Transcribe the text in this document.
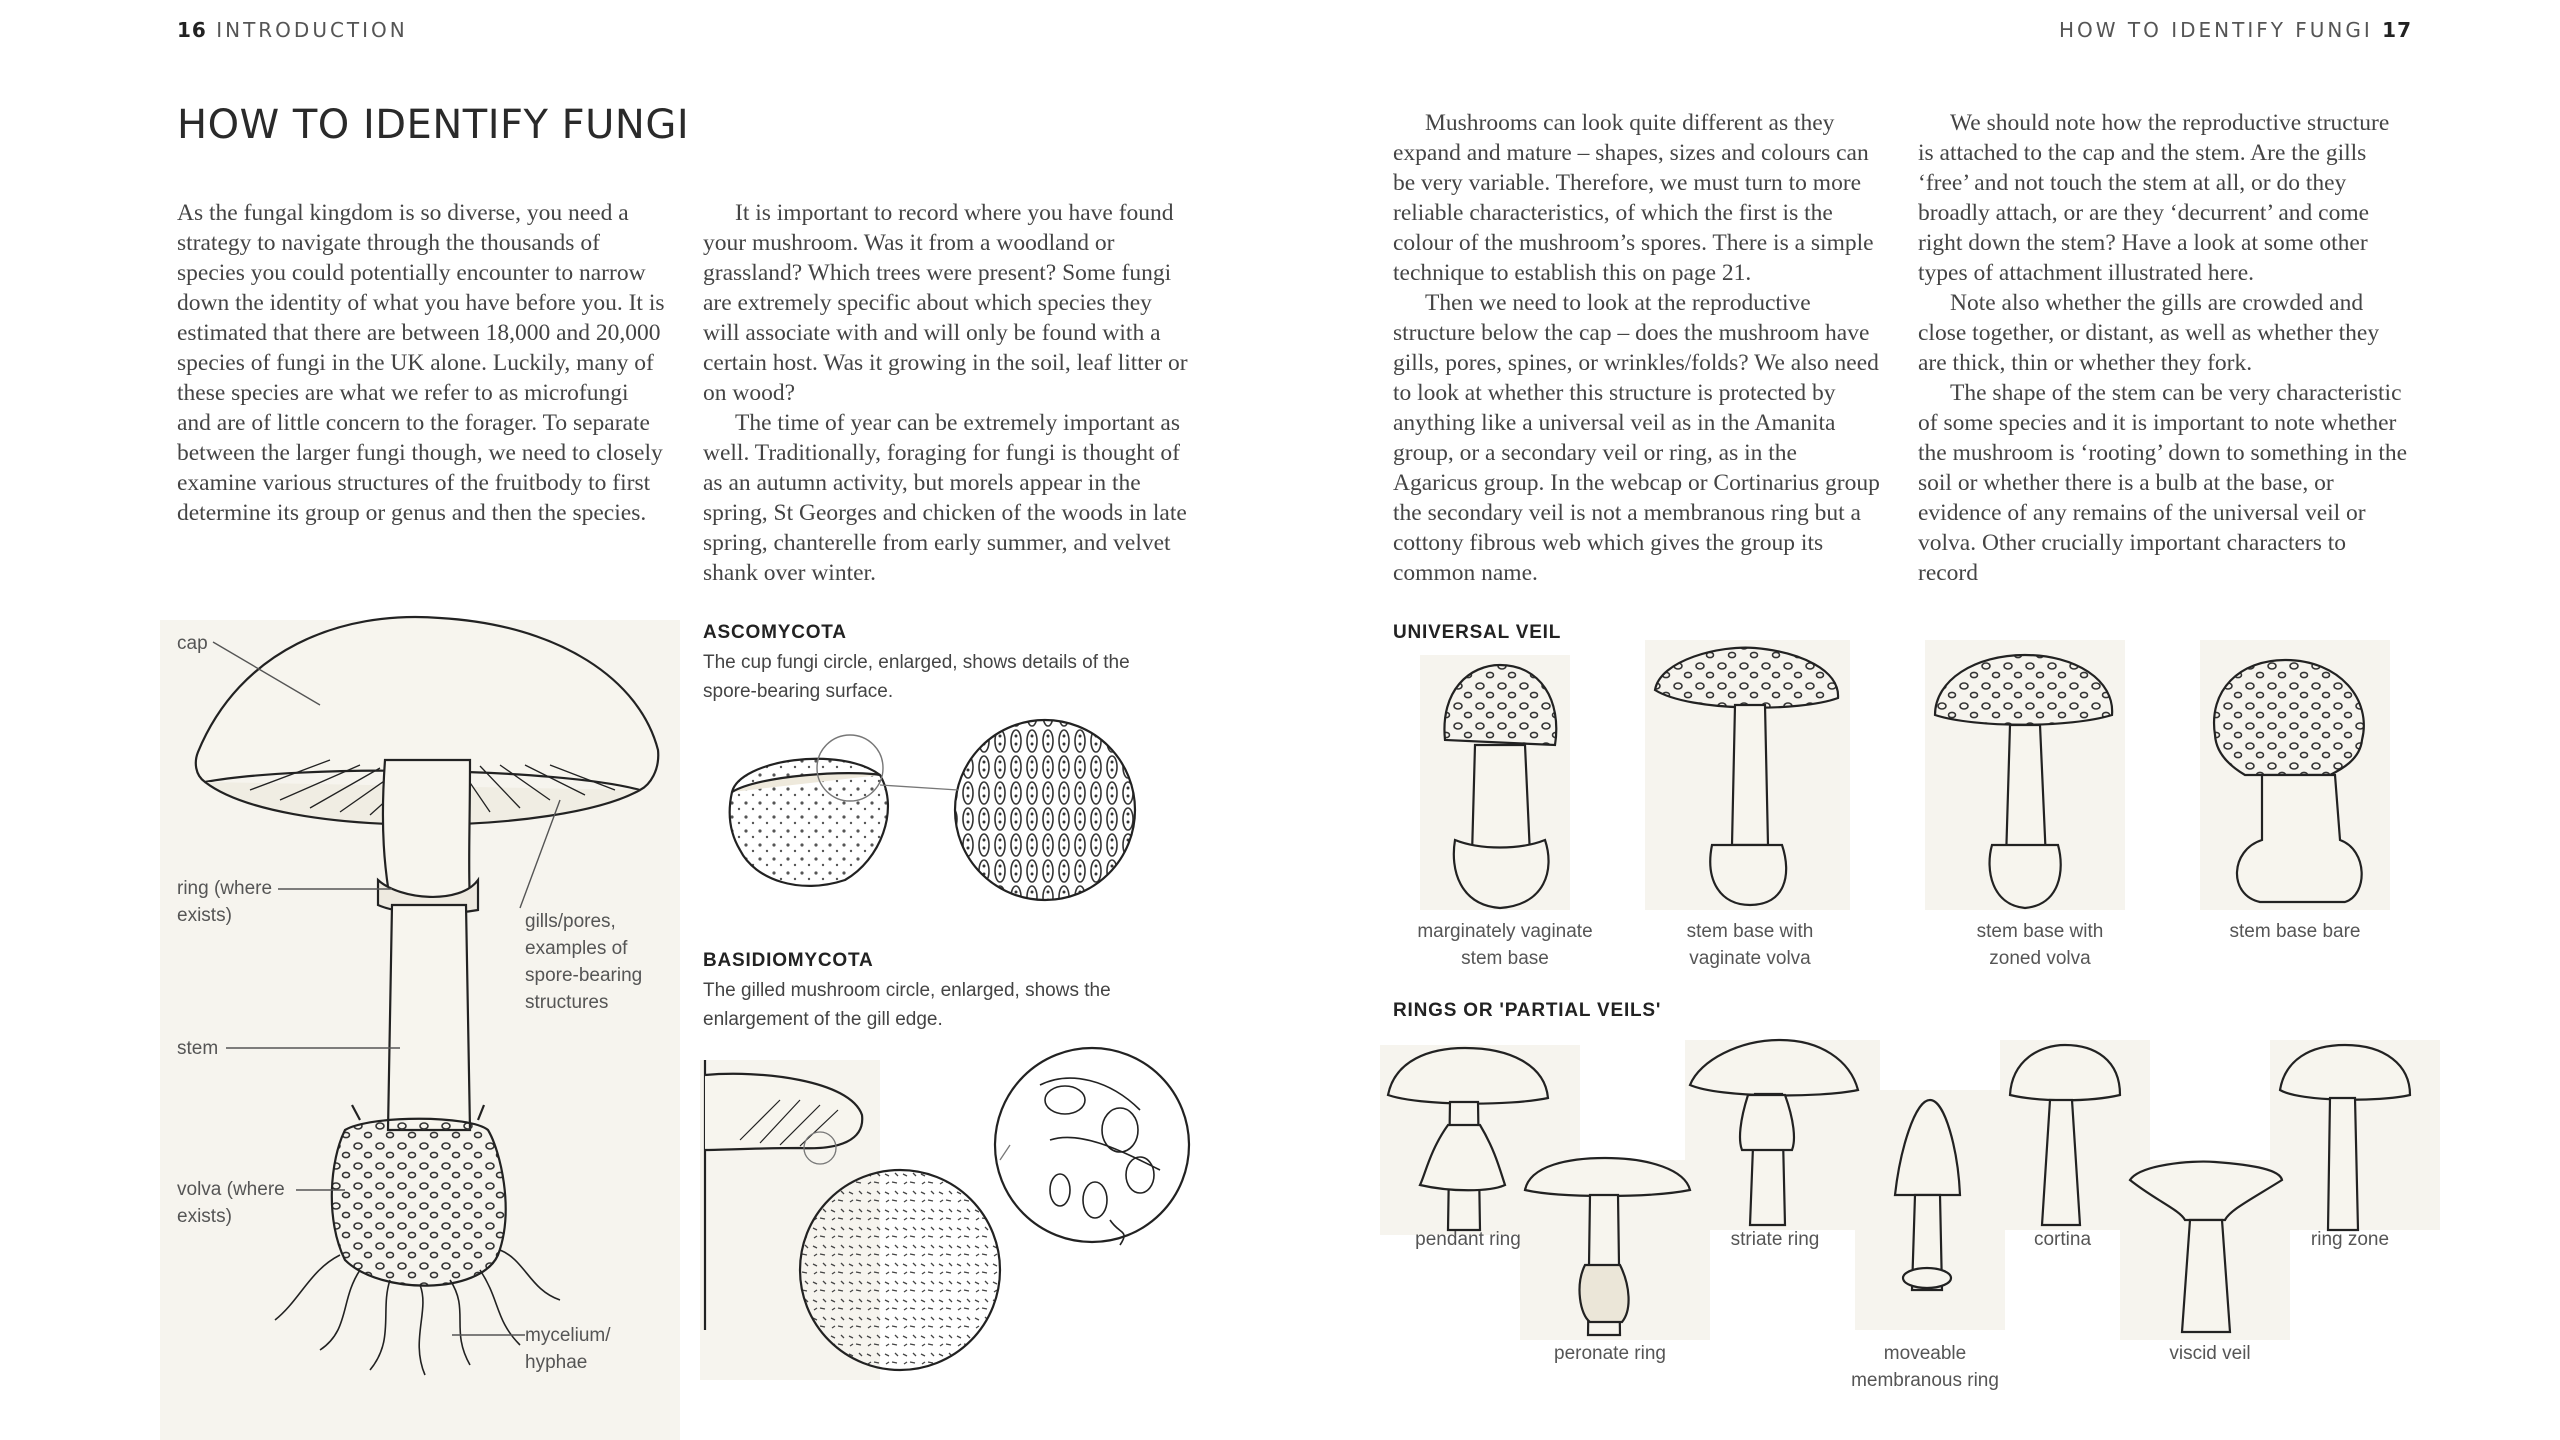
16 INTRODUCTION	HOW TO IDENTIFY FUNGI 17
HOW TO IDENTIFY FUNGI

As the fungal kingdom is so diverse, you need a strategy to navigate through the thousands of species you could potentially encounter to narrow down the identity of what you have before you. It is estimated that there are between 18,000 and 20,000 species of fungi in the UK alone. Luckily, many of these species are what we refer to as microfungi and are of little concern to the forager. To separate between the larger fungi though, we need to closely examine various structures of the fruitbody to first determine its group or genus and then the species.

It is important to record where you have found your mushroom. Was it from a woodland or grassland? Which trees were present? Some fungi are extremely specific about which species they will associate with and will only be found with a certain host. Was it growing in the soil, leaf litter or on wood?

The time of year can be extremely important as well. Traditionally, foraging for fungi is thought of as an autumn activity, but morels appear in the spring, St Georges and chicken of the woods in late spring, chanterelle from early summer, and velvet shank over winter.

Mushrooms can look quite different as they expand and mature – shapes, sizes and colours can be very variable. Therefore, we must turn to more reliable characteristics, of which the first is the colour of the mushroom’s spores. There is a simple technique to establish this on page 21.

Then we need to look at the reproductive structure below the cap – does the mushroom have gills, pores, spines, or wrinkles/folds? We also need to look at whether this structure is protected by anything like a universal veil as in the Amanita group, or a secondary veil or ring, as in the Agaricus group. In the webcap or Cortinarius group the secondary veil is not a membranous ring but a cottony fibrous web which gives the group its common name.

We should note how the reproductive structure is attached to the cap and the stem. Are the gills ‘free’ and not touch the stem at all, or do they broadly attach, or are they ‘decurrent’ and come right down the stem? Have a look at some other types of attachment illustrated here.

Note also whether the gills are crowded and close together, or distant, as well as whether they are thick, thin or whether they fork.

The shape of the stem can be very characteristic of some species and it is important to note whether the mushroom is ‘rooting’ down to something in the soil or whether there is a bulb at the base, or evidence of any remains of the universal veil or volva. Other crucially important characters to record

cap
ring (where exists)	gills/pores, examples of spore-bearing structures
stem
volva (where exists)
mycelium/ hyphae
ASCOMYCOTA
The cup fungi circle, enlarged, shows details of the spore-bearing surface.
BASIDIOMYCOTA
The gilled mushroom circle, enlarged, shows the enlargement of the gill edge.
UNIVERSAL VEIL
marginately vaginate stem base
stem base with vaginate volva
stem base with zoned volva
stem base bare
RINGS OR 'PARTIAL VEILS'
pendant ring
peronate ring
striate ring
moveable membranous ring
cortina
viscid veil
ring zone
